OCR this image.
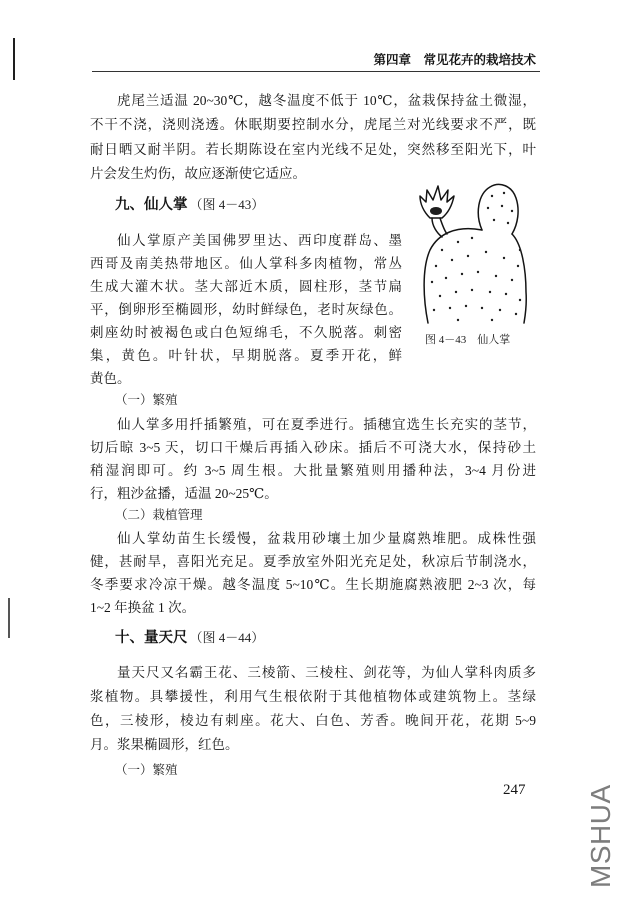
第四章　常见花卉的栽培技术
虎尾兰适温 20~30℃，越冬温度不低于 10℃，盆栽保持盆土微湿，
不干不浇，浇则浇透。休眠期要控制水分，虎尾兰对光线要求不严，既
耐日晒又耐半阴。若长期陈设在室内光线不足处，突然移至阳光下，叶
片会发生灼伤，故应逐渐使它适应。
九、仙人掌 （图 4－43）
仙人掌原产美国佛罗里达、西印度群岛、墨
西哥及南美热带地区。仙人掌科多肉植物，常丛
生成大灌木状。茎大部近木质，圆柱形，茎节扁
平，倒卵形至椭圆形，幼时鲜绿色，老时灰绿色。
刺座幼时被褐色或白色短绵毛，不久脱落。刺密
集，黄色。叶针状，早期脱落。夏季开花，鲜
黄色。
图 4－43　仙人掌
（一）繁殖
仙人掌多用扦插繁殖，可在夏季进行。插穗宜选生长充实的茎节，
切后晾 3~5 天，切口干燥后再插入砂床。插后不可浇大水，保持砂土
稍湿润即可。约 3~5 周生根。大批量繁殖则用播种法，3~4 月份进
行，粗沙盆播，适温 20~25℃。
（二）栽植管理
仙人掌幼苗生长缓慢，盆栽用砂壤土加少量腐熟堆肥。成株性强
健，甚耐旱，喜阳光充足。夏季放室外阳光充足处，秋凉后节制浇水，
冬季要求冷凉干燥。越冬温度 5~10℃。生长期施腐熟液肥 2~3 次，每
1~2 年换盆 1 次。
十、量天尺 （图 4－44）
量天尺又名霸王花、三棱箭、三棱柱、剑花等，为仙人掌科肉质多
浆植物。具攀援性，利用气生根依附于其他植物体或建筑物上。茎绿
色，三棱形，棱边有刺座。花大、白色、芳香。晚间开花，花期 5~9
月。浆果椭圆形，红色。
（一）繁殖
247 MSHUA
